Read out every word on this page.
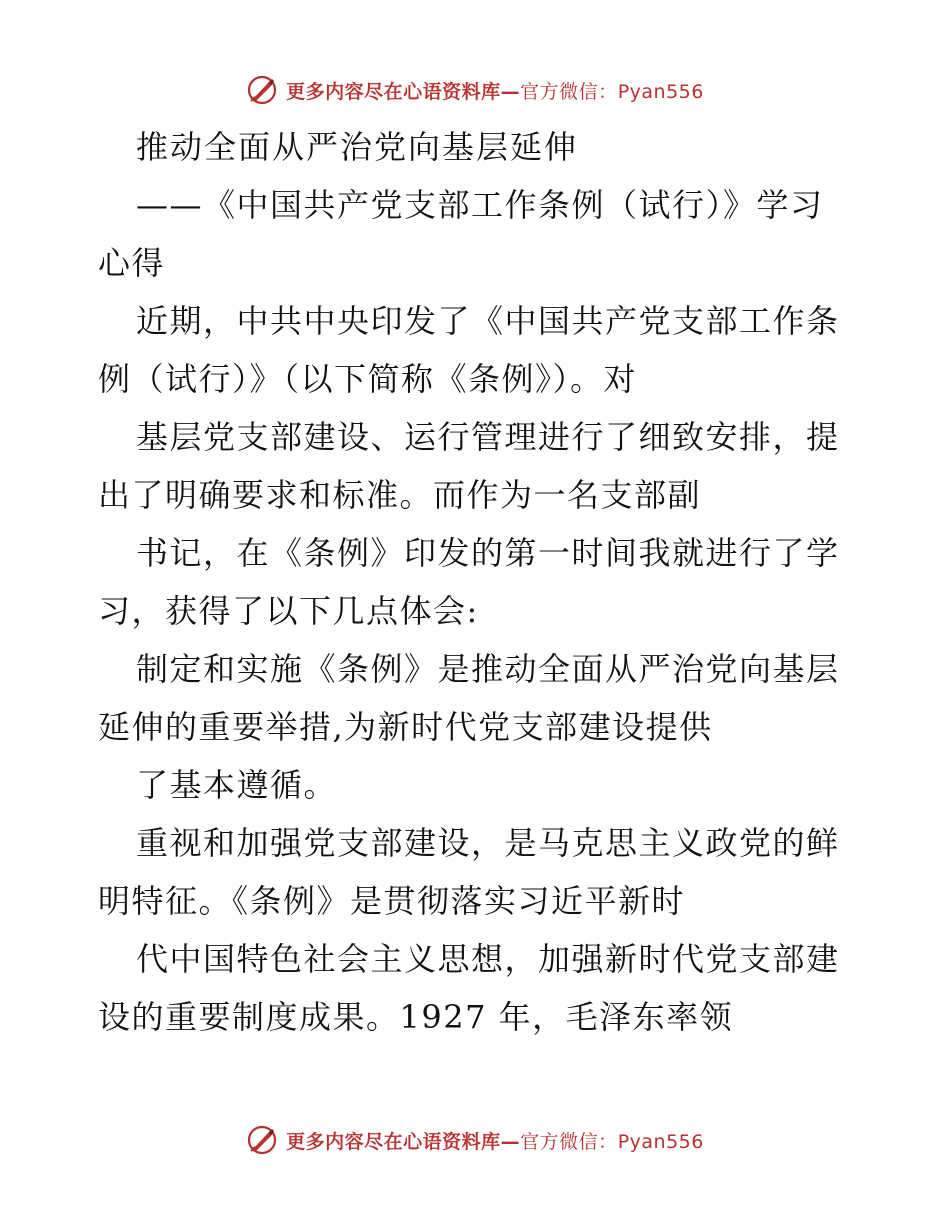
更多内容尽在心语资料库—官方微信：Pyan556
推动全面从严治党向基层延伸
——《中国共产党支部工作条例（试行）》学习
心得
近期，中共中央印发了《中国共产党支部工作条
例（试行）》（以下简称《条例》）。对
基层党支部建设、运行管理进行了细致安排，提
出了明确要求和标准。而作为一名支部副
书记，在《条例》印发的第一时间我就进行了学
习，获得了以下几点体会:
制定和实施《条例》是推动全面从严治党向基层
延伸的重要举措,为新时代党支部建设提供
了基本遵循。
重视和加强党支部建设，是马克思主义政党的鲜
明特征。《条例》是贯彻落实习近平新时
代中国特色社会主义思想，加强新时代党支部建
设的重要制度成果。1927 年，毛泽东率领
更多内容尽在心语资料库—官方微信：Pyan556
